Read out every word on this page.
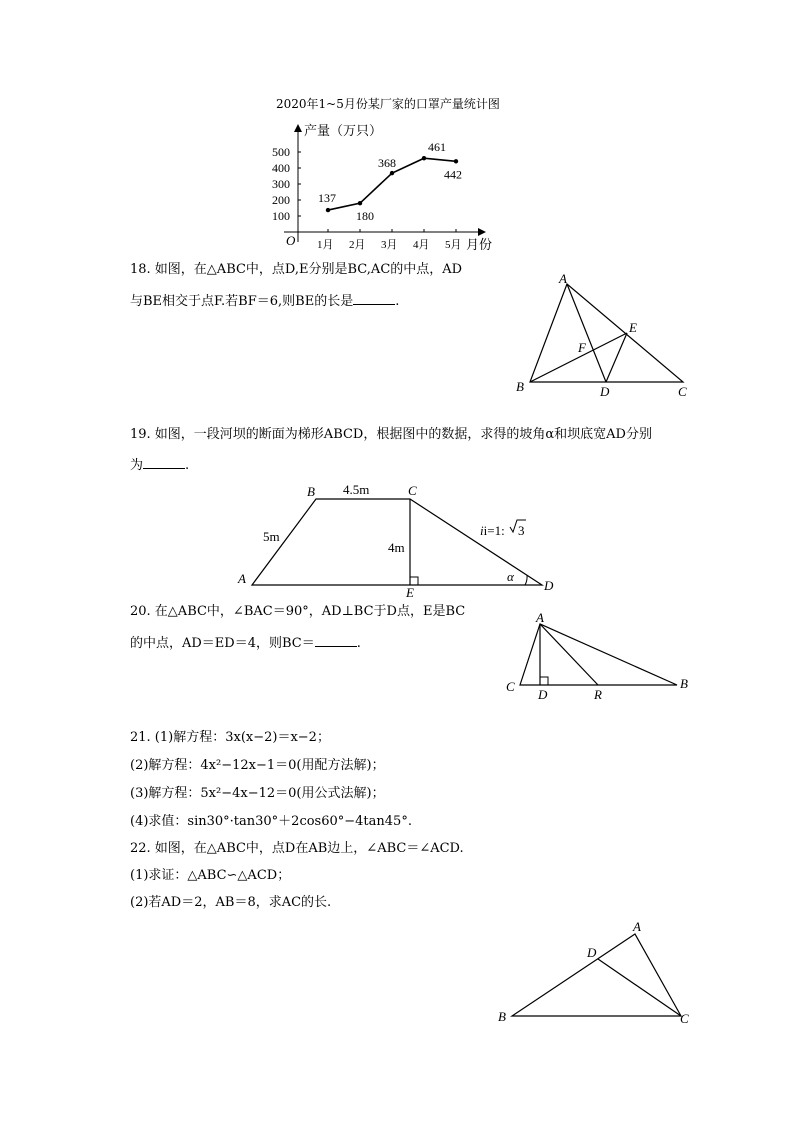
2020年1~5月份某厂家的口罩产量统计图
产量（万只）
月份
O
100
200
300
400
500
1月 2月 3月 4月 5月
137
180
368
461
442
18. 如图，在△ABC中，点D,E分别是BC,AC的中点，AD
与BE相交于点F.若BF＝6,则BE的长是	.
A
B	C
D
E
F
19. 如图，一段河坝的断面为梯形ABCD，根据图中的数据，求得的坡角α和坝底宽AD分别
为	.
A
B	C
D
E
4.5m
5m
4m
ii=1: 3
α
20. 在△ABC中，∠BAC＝90°，AD⊥BC于D点，E是BC
的中点，AD＝ED＝4，则BC＝	.
A
C
D	R
B
21. (1)解方程：3x(x−2)＝x−2；
(2)解方程：4x²−12x−1＝0(用配方法解)；
(3)解方程：5x²−4x−12＝0(用公式法解)；
(4)求值：sin30°·tan30°＋2cos60°−4tan45°.
22. 如图，在△ABC中，点D在AB边上，∠ABC＝∠ACD.
(1)求证：△ABC∽△ACD；
(2)若AD＝2，AB＝8，求AC的长.
A
D
B	C
